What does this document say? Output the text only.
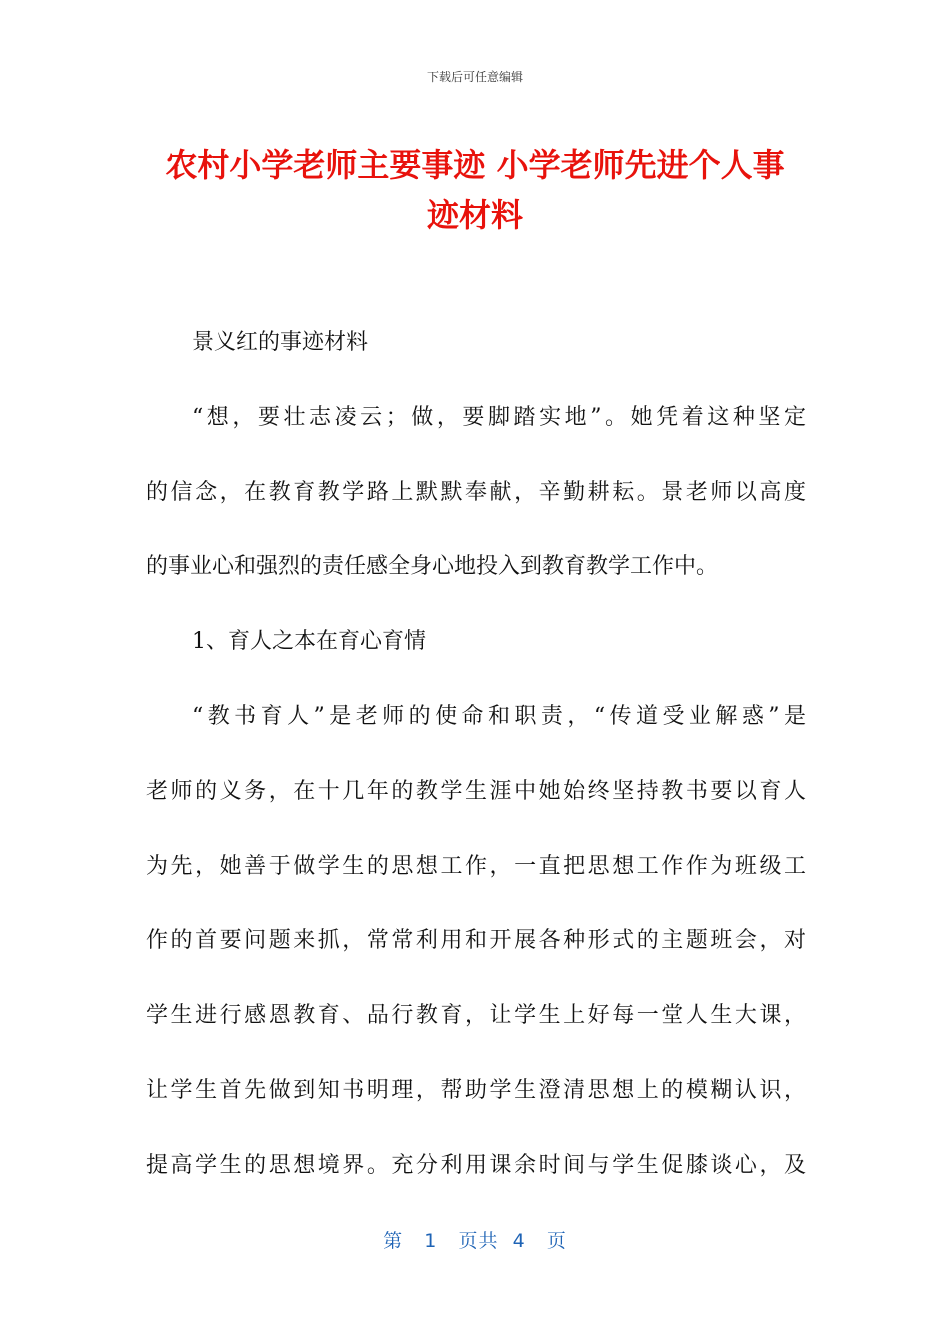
下载后可任意编辑
农村小学老师主要事迹 小学老师先进个人事
迹材料
景义红的事迹材料
“想，要壮志凌云；做，要脚踏实地”。她凭着这种坚定
的信念，在教育教学路上默默奉献，辛勤耕耘。景老师以高度
的事业心和强烈的责任感全身心地投入到教育教学工作中。
1、育人之本在育心育情
“教书育人”是老师的使命和职责，“传道受业解惑”是
老师的义务，在十几年的教学生涯中她始终坚持教书要以育人
为先，她善于做学生的思想工作，一直把思想工作作为班级工
作的首要问题来抓，常常利用和开展各种形式的主题班会，对
学生进行感恩教育、品行教育，让学生上好每一堂人生大课，
让学生首先做到知书明理，帮助学生澄清思想上的模糊认识，
提高学生的思想境界。充分利用课余时间与学生促膝谈心，及
第 1 页共 4 页
